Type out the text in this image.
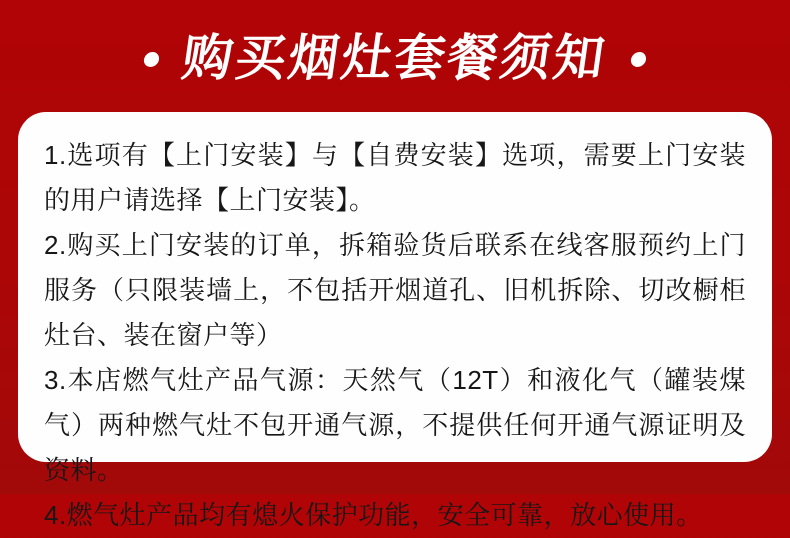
购买烟灶套餐须知

1.选项有【上门安装】与【自费安装】选项，需要上门安装的用户请选择【上门安装】。

2.购买上门安装的订单，拆箱验货后联系在线客服预约上门服务（只限装墙上，不包括开烟道孔、旧机拆除、切改橱柜灶台、装在窗户等）

3.本店燃气灶产品气源：天然气（12T）和液化气（罐装煤气）两种燃气灶不包开通气源，不提供任何开通气源证明及资料。

4.燃气灶产品均有熄火保护功能，安全可靠，放心使用。
